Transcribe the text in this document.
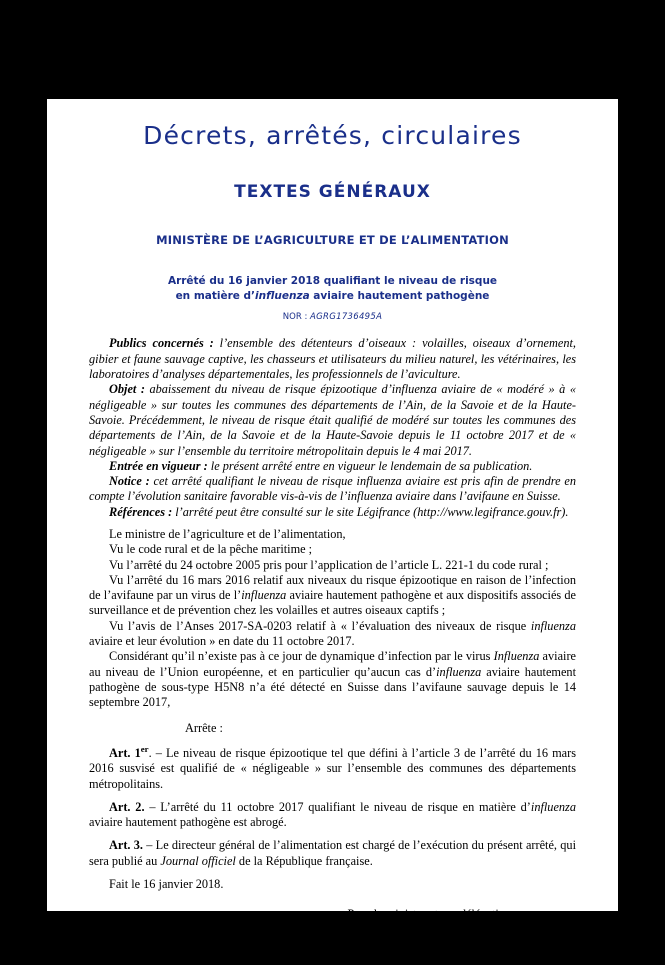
Décrets, arrêtés, circulaires
TEXTES GÉNÉRAUX
MINISTÈRE DE L’AGRICULTURE ET DE L’ALIMENTATION
Arrêté du 16 janvier 2018 qualifiant le niveau de risque
en matière d’influenza aviaire hautement pathogène
NOR : AGRG1736495A

Publics concernés : l’ensemble des détenteurs d’oiseaux : volailles, oiseaux d’ornement, gibier et faune sauvage captive, les chasseurs et utilisateurs du milieu naturel, les vétérinaires, les laboratoires d’analyses départementales, les professionnels de l’aviculture.

Objet : abaissement du niveau de risque épizootique d’influenza aviaire de « modéré » à « négligeable » sur toutes les communes des départements de l’Ain, de la Savoie et de la Haute-Savoie. Précédemment, le niveau de risque était qualifié de modéré sur toutes les communes des départements de l’Ain, de la Savoie et de la Haute-Savoie depuis le 11 octobre 2017 et de « négligeable » sur l’ensemble du territoire métropolitain depuis le 4 mai 2017.

Entrée en vigueur : le présent arrêté entre en vigueur le lendemain de sa publication.

Notice : cet arrêté qualifiant le niveau de risque influenza aviaire est pris afin de prendre en compte l’évolution sanitaire favorable vis-à-vis de l’influenza aviaire dans l’avifaune en Suisse.

Références : l’arrêté peut être consulté sur le site Légifrance (http://www.legifrance.gouv.fr).

Le ministre de l’agriculture et de l’alimentation,

Vu le code rural et de la pêche maritime ;

Vu l’arrêté du 24 octobre 2005 pris pour l’application de l’article L. 221-1 du code rural ;

Vu l’arrêté du 16 mars 2016 relatif aux niveaux du risque épizootique en raison de l’infection de l’avifaune par un virus de l’influenza aviaire hautement pathogène et aux dispositifs associés de surveillance et de prévention chez les volailles et autres oiseaux captifs ;

Vu l’avis de l’Anses 2017-SA-0203 relatif à « l’évaluation des niveaux de risque influenza aviaire et leur évolution » en date du 11 octobre 2017.

Considérant qu’il n’existe pas à ce jour de dynamique d’infection par le virus Influenza aviaire au niveau de l’Union européenne, et en particulier qu’aucun cas d’influenza aviaire hautement pathogène de sous-type H5N8 n’a été détecté en Suisse dans l’avifaune sauvage depuis le 14 septembre 2017,

Arrête :

Art. 1er. – Le niveau de risque épizootique tel que défini à l’article 3 de l’arrêté du 16 mars 2016 susvisé est qualifié de « négligeable » sur l’ensemble des communes des départements métropolitains.

Art. 2. – L’arrêté du 11 octobre 2017 qualifiant le niveau de risque en matière d’influenza aviaire hautement pathogène est abrogé.

Art. 3. – Le directeur général de l’alimentation est chargé de l’exécution du présent arrêté, qui sera publié au Journal officiel de la République française.

Fait le 16 janvier 2018.

Pour le ministre et par délégation :
Le directeur général de l’alimentation,
P. DEHAUMONT
